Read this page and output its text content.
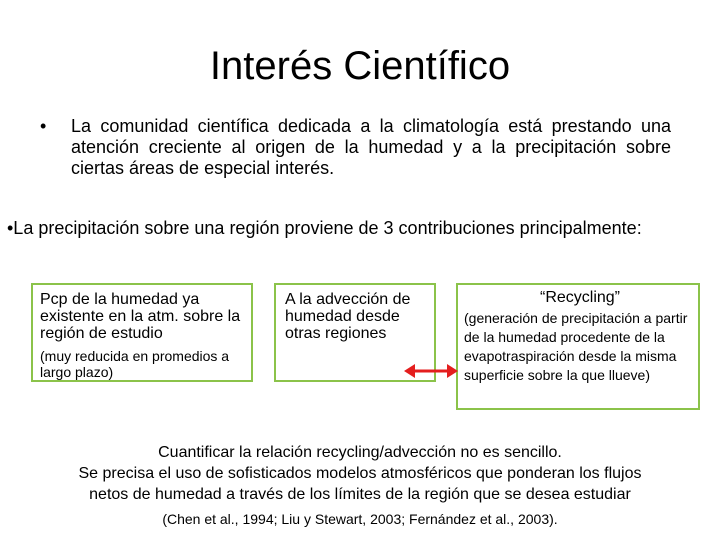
Interés Científico
• La comunidad científica dedicada a la climatología está prestando una atención creciente al origen de la humedad y a la precipitación sobre ciertas áreas de especial interés.
•La precipitación sobre una región proviene de 3 contribuciones principalmente:
Pcp de la humedad ya existente en la atm. sobre la región de estudio
(muy reducida en promedios a largo plazo)
A la advección de humedad desde otras regiones
“Recycling”
(generación de precipitación a partir de la humedad procedente de la evapotraspiración desde la misma superficie sobre la que llueve)
Cuantificar la relación recycling/advección no es sencillo.
Se precisa el uso de sofisticados modelos atmosféricos que ponderan los flujos
netos de humedad a través de los límites de la región que se desea estudiar
(Chen et al., 1994; Liu y Stewart, 2003; Fernández et al., 2003).
